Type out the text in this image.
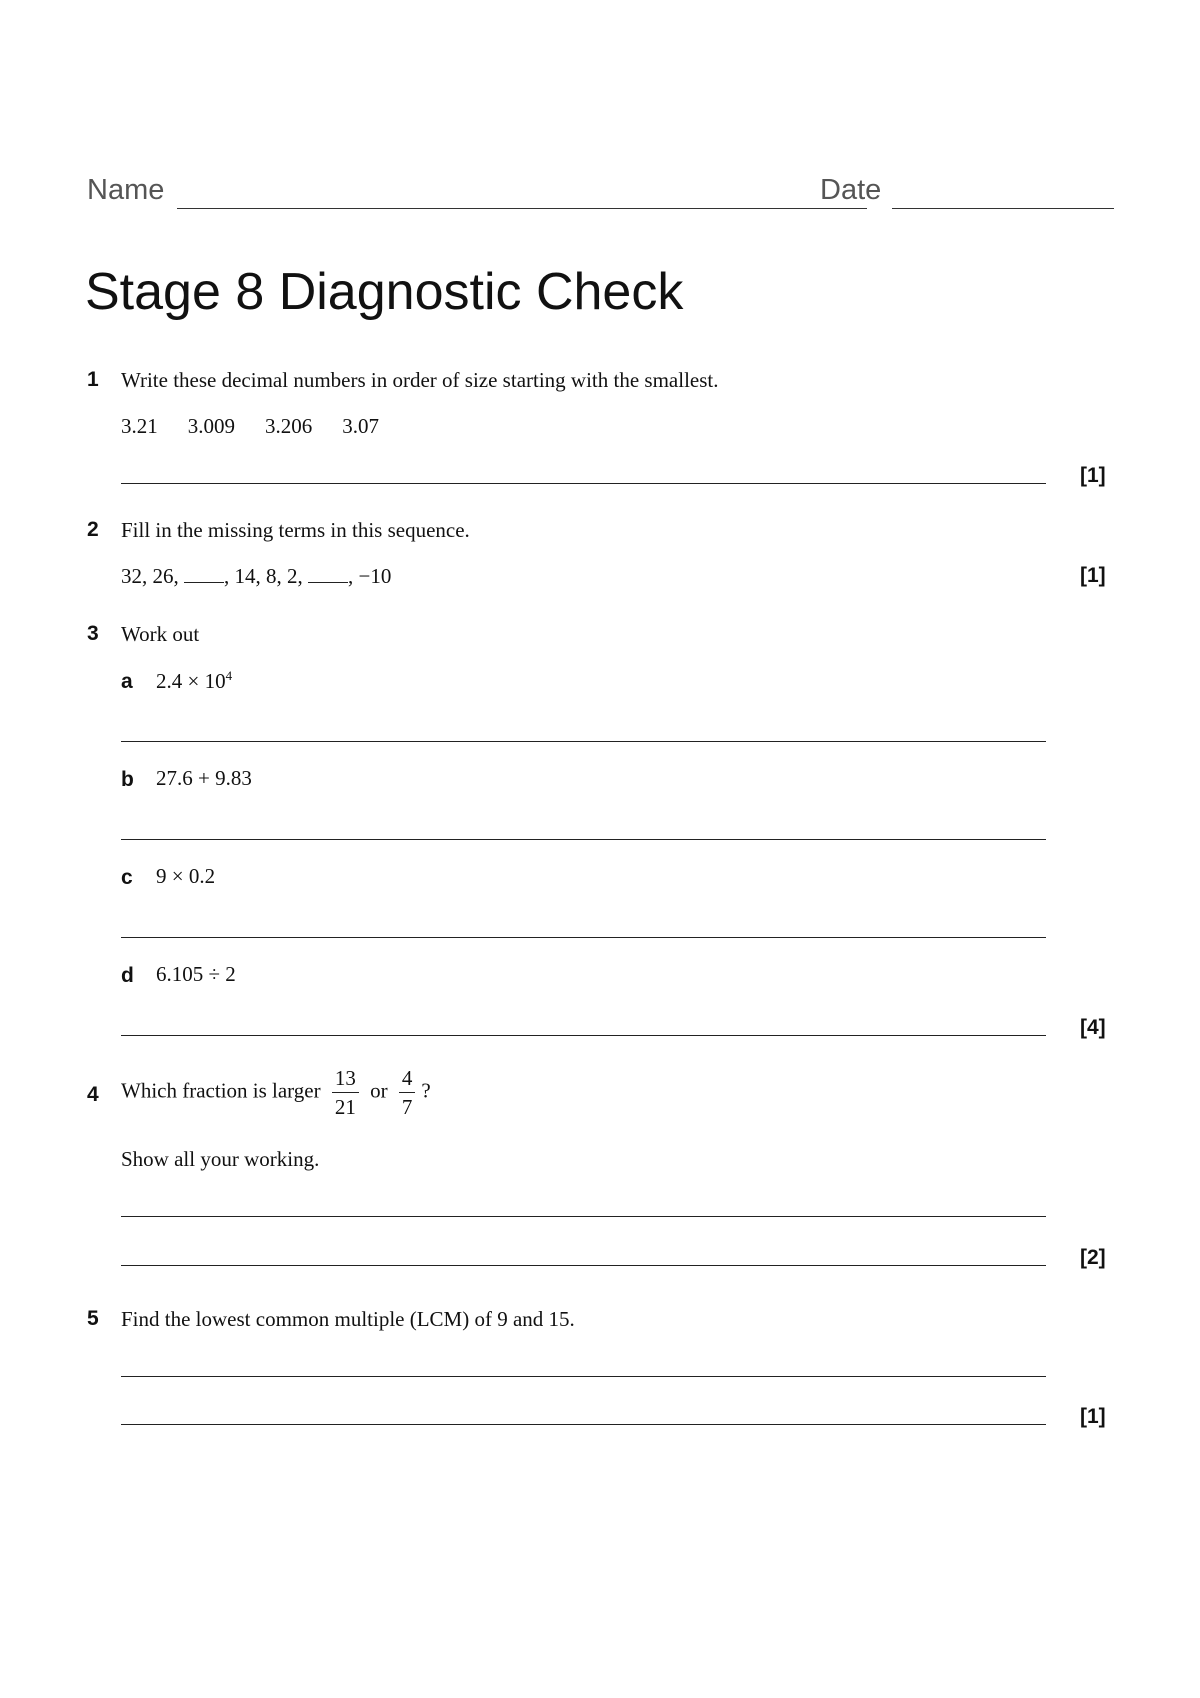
Name	Date
Stage 8 Diagnostic Check
1 Write these decimal numbers in order of size starting with the smallest.
3.21 3.009 3.206 3.07
[1]
2 Fill in the missing terms in this sequence.
32, 26, , 14, 8, 2, , −10	[1]
3 Work out
a $2.4 \times 10^4$
b 27.6 + 9.83
c 9 × 0.2
d 6.105 ÷ 2
[4]
4 Which fraction is larger $\frac{13}{21}$ or $\frac{4}{7}$ ?
Show all your working.
[2]
5 Find the lowest common multiple (LCM) of 9 and 15.
[1]
